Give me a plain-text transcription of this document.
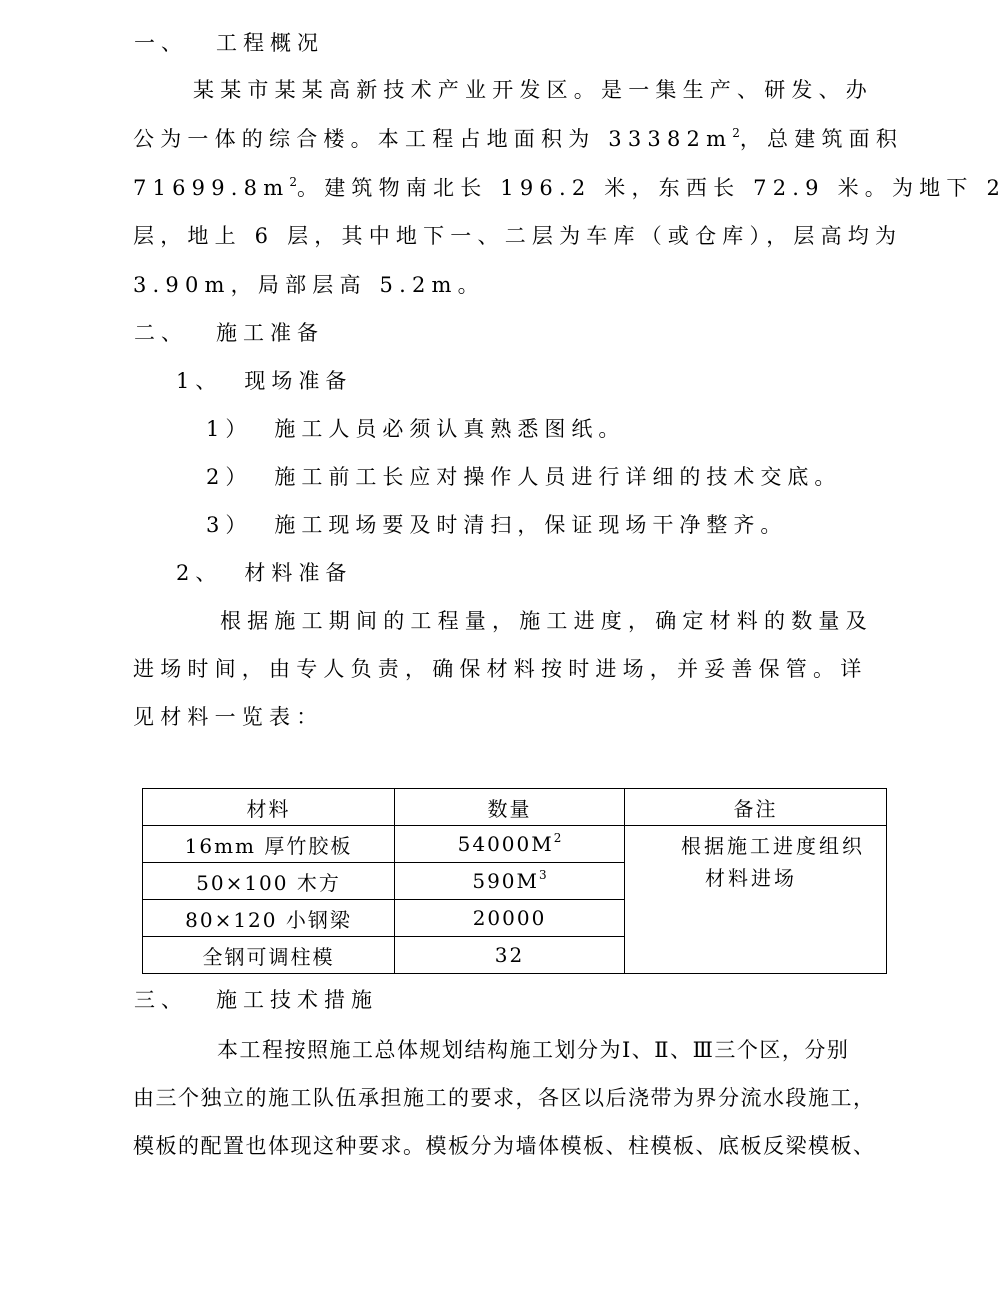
一、 工程概况
某某市某某高新技术产业开发区。是一集生产、研发、办
公为一体的综合楼。本工程占地面积为 $33382m^2$，总建筑面积
$71699.8m^2$。建筑物南北长 196.2 米，东西长 72.9 米。为地下 2
层，地上 6 层，其中地下一、二层为车库（或仓库），层高均为
3.90m，局部层高 5.2m。
二、 施工准备
1、 现场准备
1） 施工人员必须认真熟悉图纸。
2） 施工前工长应对操作人员进行详细的技术交底。
3） 施工现场要及时清扫，保证现场干净整齐。
2、 材料准备
根据施工期间的工程量，施工进度，确定材料的数量及
进场时间，由专人负责，确保材料按时进场，并妥善保管。详
见材料一览表：
材料	数量	备注
16mm 厚竹胶板	$54000M^2$	根据施工进度组织
材料进场

50×100 木方	$590M^3$
80×120 小钢梁	20000	
全钢可调柱模	32	
三、 施工技术措施
本工程按照施工总体规划结构施工划分为Ⅰ、Ⅱ、Ⅲ三个区，分别
由三个独立的施工队伍承担施工的要求，各区以后浇带为界分流水段施工，
模板的配置也体现这种要求。模板分为墙体模板、柱模板、底板反梁模板、
